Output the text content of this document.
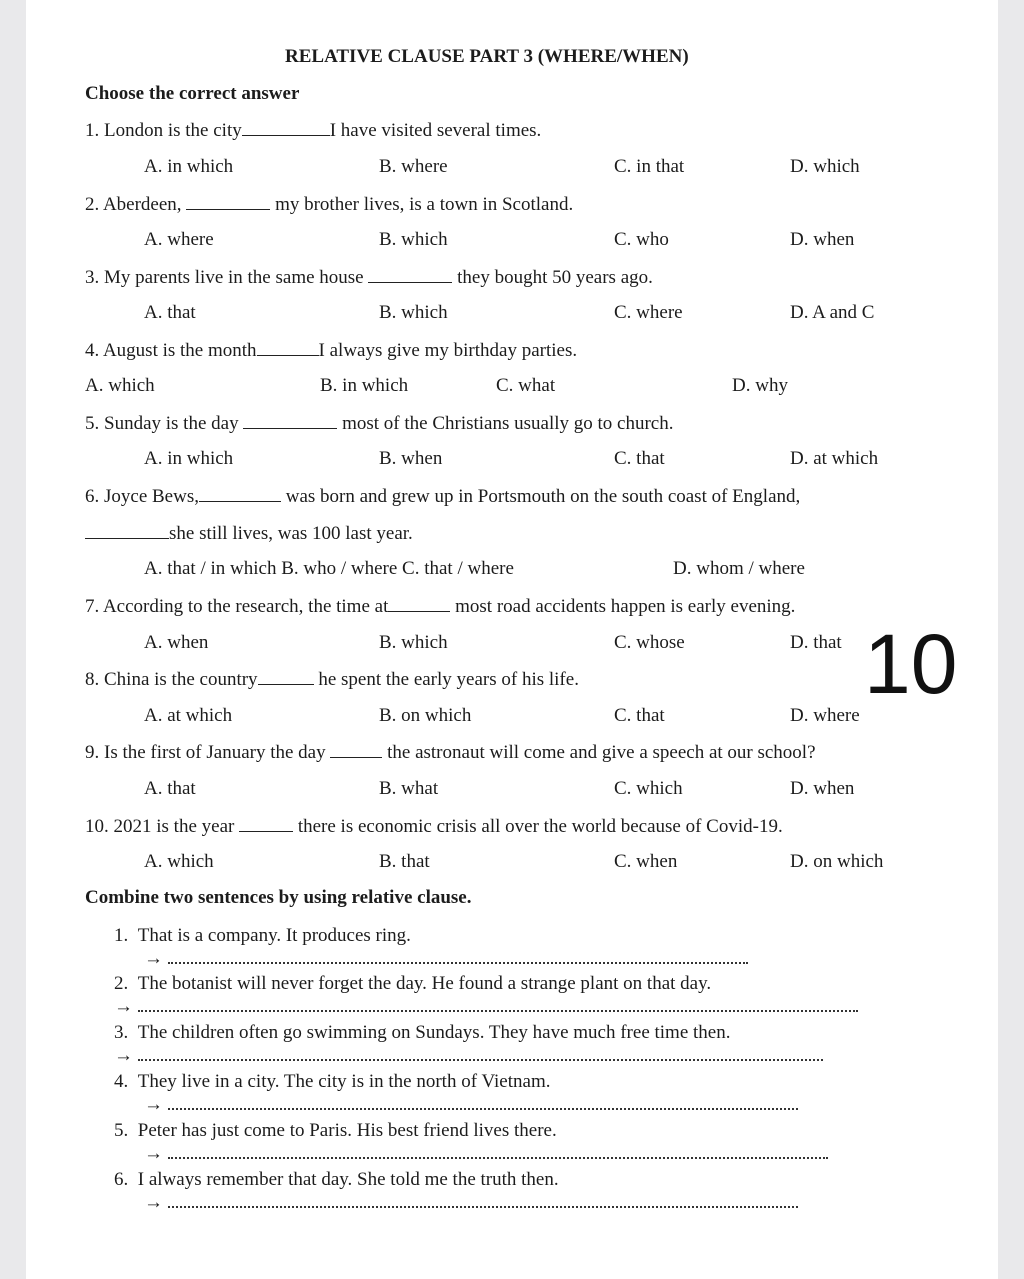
RELATIVE CLAUSE PART 3 (WHERE/WHEN)
Choose the correct answer
1. London is the city	I have visited several times.
A. in which	B. where	C. in that	D. which
2. Aberdeen,	my brother lives, is a town in Scotland.
A. where	B. which	C. who	D. when
3. My parents live in the same house	they bought 50 years ago.
A. that	B. which	C. where	D. A and C
4. August is the month	I always give my birthday parties.
A. which	B. in which	C. what	D. why
5. Sunday is the day	most of the Christians usually go to church.
A. in which	B. when	C. that	D. at which
6. Joyce Bews,	was born and grew up in Portsmouth on the south coast of England,
she still lives, was 100 last year.
A. that / in which B. who / where C. that / where	D. whom / where
7. According to the research, the time at	most road accidents happen is early evening.
A. when	B. which	C. whose	D. that 10
8. China is the country	he spent the early years of his life.
A. at which	B. on which	C. that	D. where
9. Is the first of January the day	the astronaut will come and give a speech at our school?
A. that	B. what	C. which	D. when
10. 2021 is the year	there is economic crisis all over the world because of Covid-19.
A. which	B. that	C. when	D. on which
Combine two sentences by using relative clause.
1. That is a company. It produces ring.
→
2. The botanist will never forget the day. He found a strange plant on that day.
→
3. The children often go swimming on Sundays. They have much free time then.
→
4. They live in a city. The city is in the north of Vietnam.
→
5. Peter has just come to Paris. His best friend lives there.
→
6. I always remember that day. She told me the truth then.
→
